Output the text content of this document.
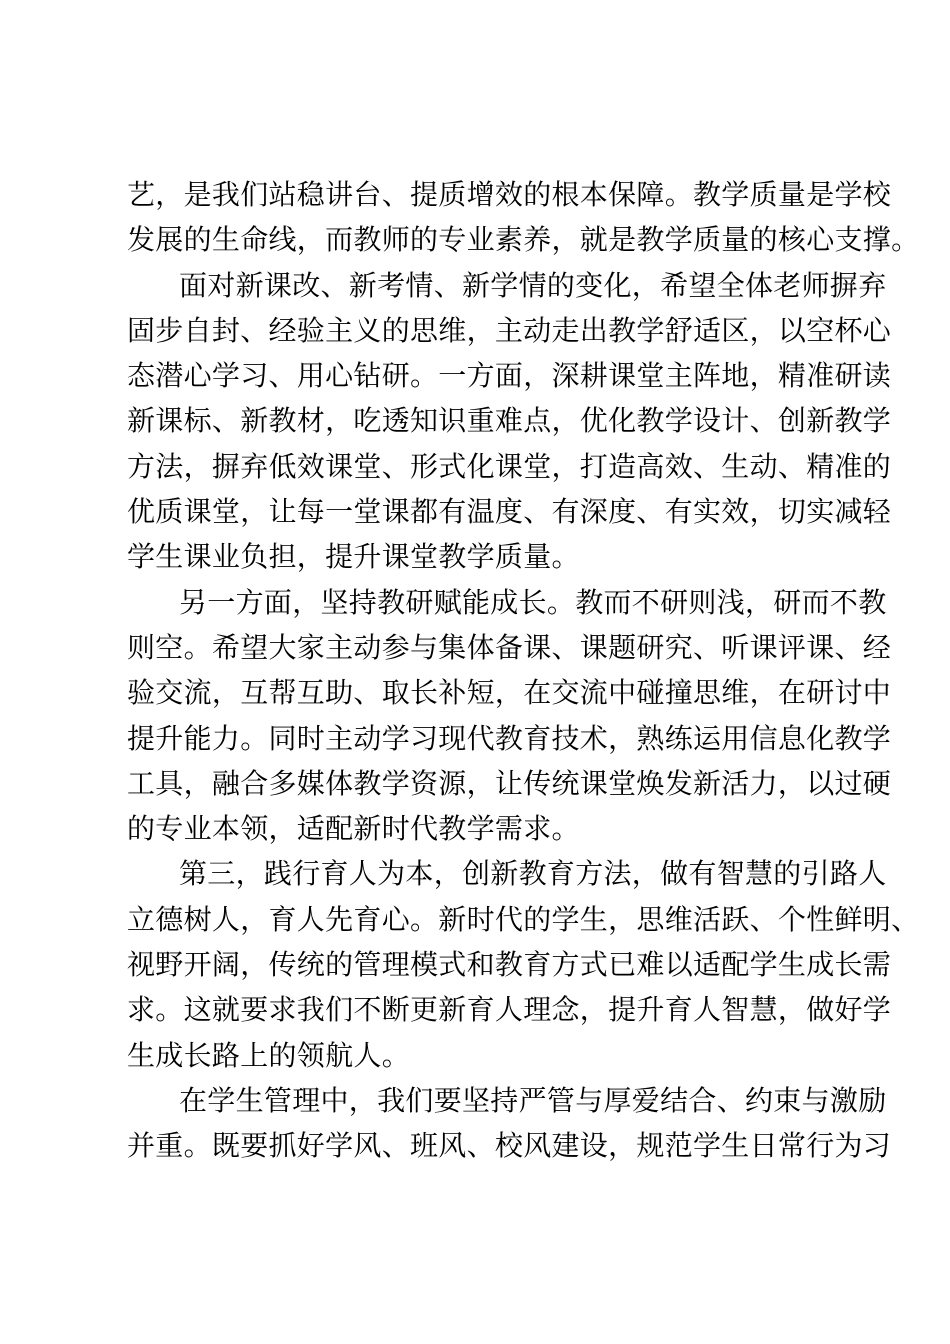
艺，是我们站稳讲台、提质增效的根本保障。教学质量是学校
发展的生命线，而教师的专业素养，就是教学质量的核心支撑。
面对新课改、新考情、新学情的变化，希望全体老师摒弃
固步自封、经验主义的思维，主动走出教学舒适区，以空杯心
态潜心学习、用心钻研。一方面，深耕课堂主阵地，精准研读
新课标、新教材，吃透知识重难点，优化教学设计、创新教学
方法，摒弃低效课堂、形式化课堂，打造高效、生动、精准的
优质课堂，让每一堂课都有温度、有深度、有实效，切实减轻
学生课业负担，提升课堂教学质量。
另一方面，坚持教研赋能成长。教而不研则浅，研而不教
则空。希望大家主动参与集体备课、课题研究、听课评课、经
验交流，互帮互助、取长补短，在交流中碰撞思维，在研讨中
提升能力。同时主动学习现代教育技术，熟练运用信息化教学
工具，融合多媒体教学资源，让传统课堂焕发新活力，以过硬
的专业本领，适配新时代教学需求。
第三，践行育人为本，创新教育方法，做有智慧的引路人
立德树人，育人先育心。新时代的学生，思维活跃、个性鲜明、
视野开阔，传统的管理模式和教育方式已难以适配学生成长需
求。这就要求我们不断更新育人理念，提升育人智慧，做好学
生成长路上的领航人。
在学生管理中，我们要坚持严管与厚爱结合、约束与激励
并重。既要抓好学风、班风、校风建设，规范学生日常行为习
